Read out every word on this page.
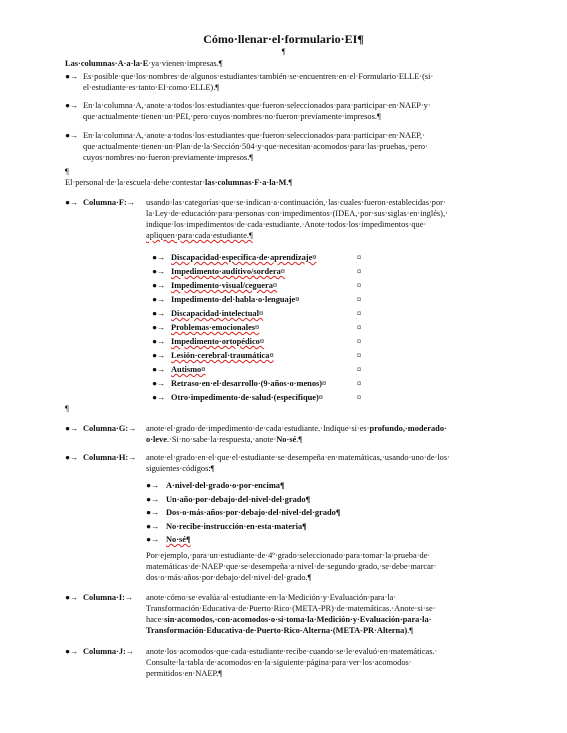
Cómo·llenar·el·formulario·EI¶
¶
Las·columnas·A·a·la·E·ya·vienen·impresas.¶
●→ Es·posible·que·los·nombres·de·algunos·estudiantes·también·se·encuentren·en·el·Formulario·ELLE·(si·
el·estudiante·es·tanto·EI·como·ELLE).¶
●→ En·la·columna·A,·anote·a·todos·los·estudiantes·que·fueron·seleccionados·para·participar·en·NAEP·y·
que·actualmente·tienen·un·PEI,·pero·cuyos·nombres·no·fueron·previamente·impresos.¶
●→ En·la·columna·A,·anote·a·todos·los·estudiantes·que·fueron·seleccionados·para·participar·en·NAEP,·
que·actualmente·tienen·un·Plan·de·la·Sección·504·y·que·necesitan·acomodos·para·las·pruebas,·pero·
cuyos·nombres·no·fueron·previamente·impresos.¶
¶
El·personal·de·la·escuela·debe·contestar·las·columnas·F·a·la·M.¶
●→ Columna·F:→ usando·las·categorías·que·se·indican·a·continuación,·las·cuales·fueron·establecidas·por·
la·Ley·de·educación·para·personas·con·impedimentos·(IDEA,·por·sus·siglas·en·inglés),·
indique·los·impedimentos·de·cada·estudiante.·Anote·todos·los·impedimentos·que·
apliquen·para·cada·estudiante.¶
●→ Discapacidad·específica·de·aprendizaje¤
●→ Impedimento·auditivo/sordera¤
●→ Impedimento·visual/ceguera¤
●→ Impedimento·del·habla·o·lenguaje¤
●→ Discapacidad·intelectual¤
●→ Problemas·emocionales¤
●→ Impedimento·ortopédico¤
●→ Lesión·cerebral·traumática¤
●→ Autismo¤
●→ Retraso·en·el·desarrollo·(9·años·o·menos)¤
●→ Otro·impedimento·de·salud·(específique)¤
¤
¤
¤
¤
¤
¤
¤
¤
¤
¤
¤
¶
●→ Columna·G:→ anote·el·grado·de·impedimento·de·cada·estudiante.·Indique·si·es·profundo,·moderado·
o·leve.·Si·no·sabe·la·respuesta,·anote·No·sé.¶
●→ Columna·H:→ anote·el·grado·en·el·que·el·estudiante·se·desempeña·en·matemáticas,·usando·uno·de·los·
siguientes·códigos:¶
●→ A·nivel·del·grado·o·por·encima¶
●→ Un·año·por·debajo·del·nivel·del·grado¶
●→ Dos·o·más·años·por·debajo·del·nivel·del·grado¶
●→ No·recibe·instrucción·en·esta·materia¶
●→ No·sé¶
Por·ejemplo,·para·un·estudiante·de·4º·grado·seleccionado·para·tomar·la·prueba·de·
matemáticas·de·NAEP·que·se·desempeña·a·nivel·de·segundo·grado,·se·debe·marcar·
dos·o·más·años·por·debajo·del·nivel·del·grado.¶
●→ Columna·I:→ anote·cómo·se·evalúa·al·estudiante·en·la·Medición·y·Evaluación·para·la·
Transformación·Educativa·de·Puerto·Rico·(META-PR)·de·matemáticas.·Anote·si·se·
hace·sin·acomodos,·con·acomodos·o·si·toma·la·Medición·y·Evaluación·para·la·
Transformación·Educativa·de·Puerto·Rico-Alterna·(META-PR·Alterna).¶
●→ Columna·J:→ anote·los·acomodos·que·cada·estudiante·recibe·cuando·se·le·evaluó·en·matemáticas.·
Consulte·la·tabla·de·acomodos·en·la·siguiente·página·para·ver·los·acomodos·
permitidos·en·NAEP.¶
